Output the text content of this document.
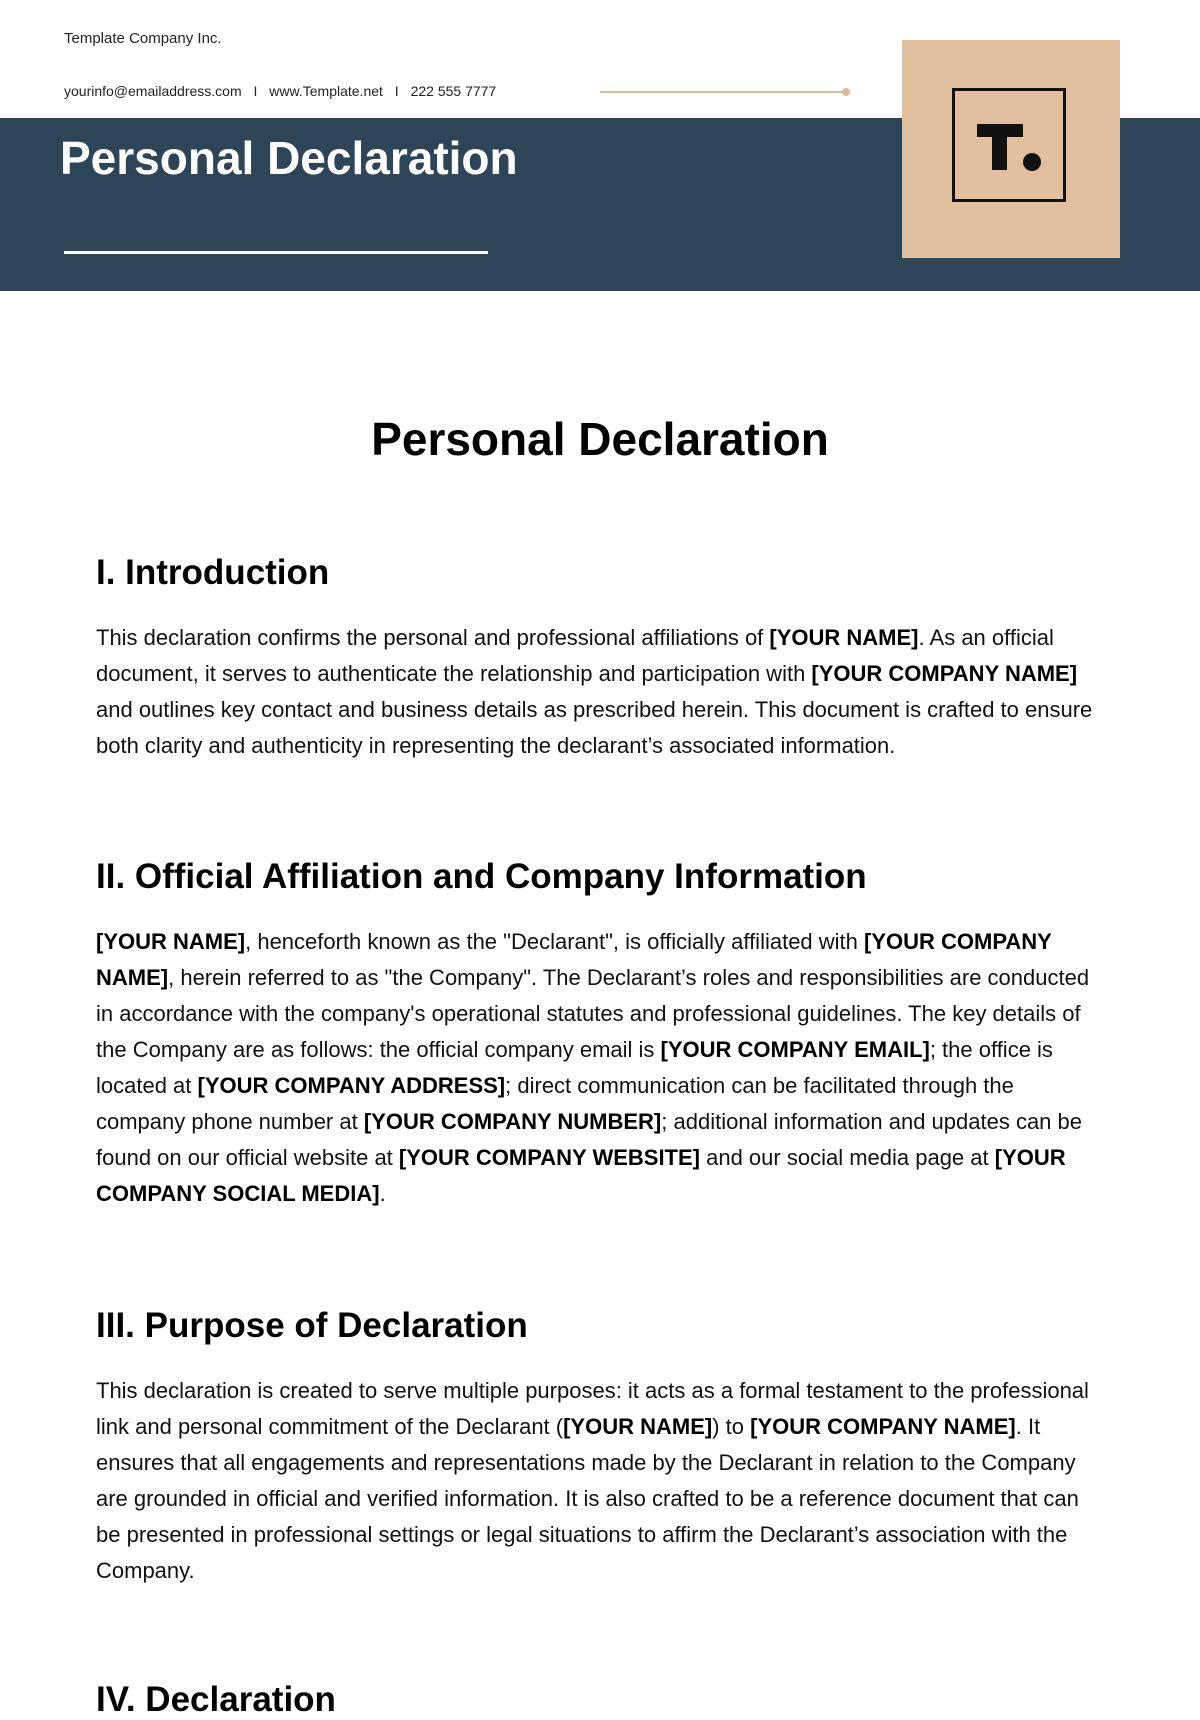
Template Company Inc.
yourinfo@emailaddress.com I www.Template.net I 222 555 7777
Personal Declaration
Personal Declaration
I. Introduction

This declaration confirms the personal and professional affiliations of [YOUR NAME]. As an official document, it serves to authenticate the relationship and participation with [YOUR COMPANY NAME] and outlines key contact and business details as prescribed herein. This document is crafted to ensure both clarity and authenticity in representing the declarant’s associated information.

II. Official Affiliation and Company Information

[YOUR NAME], henceforth known as the "Declarant", is officially affiliated with [YOUR COMPANY NAME], herein referred to as "the Company". The Declarant’s roles and responsibilities are conducted in accordance with the company's operational statutes and professional guidelines. The key details of the Company are as follows: the official company email is [YOUR COMPANY EMAIL]; the office is located at [YOUR COMPANY ADDRESS]; direct communication can be facilitated through the company phone number at [YOUR COMPANY NUMBER]; additional information and updates can be found on our official website at [YOUR COMPANY WEBSITE] and our social media page at [YOUR COMPANY SOCIAL MEDIA].

III. Purpose of Declaration

This declaration is created to serve multiple purposes: it acts as a formal testament to the professional link and personal commitment of the Declarant ([YOUR NAME]) to [YOUR COMPANY NAME]. It ensures that all engagements and representations made by the Declarant in relation to the Company are grounded in official and verified information. It is also crafted to be a reference document that can be presented in professional settings or legal situations to affirm the Declarant’s association with the Company.

IV. Declaration
